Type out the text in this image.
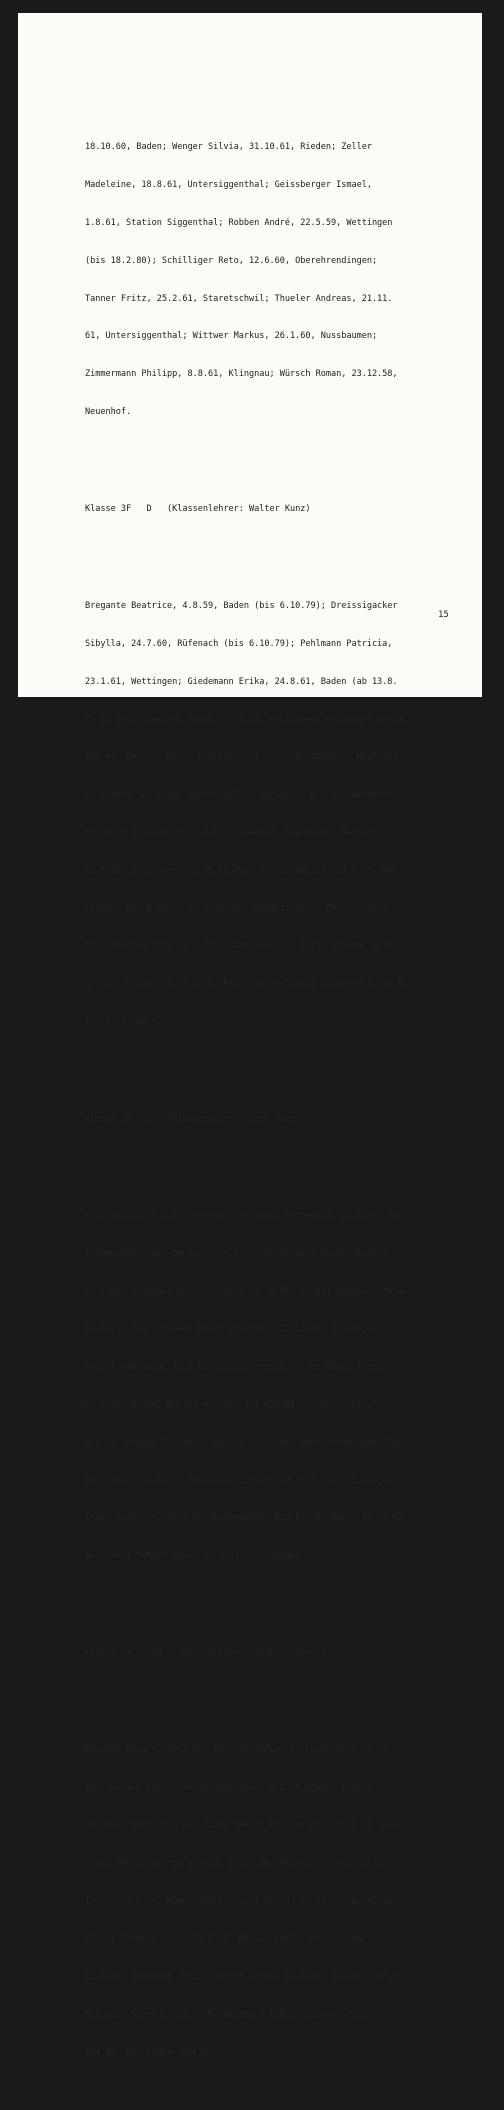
18.10.60, Baden; Wenger Silvia, 31.10.61, Rieden; Zeller

Madeleine, 18.8.61, Untersiggenthal; Geissberger Ismael,

1.8.61, Station Siggenthal; Robben André, 22.5.59, Wettingen

(bis 18.2.80); Schilliger Reto, 12.6.60, Oberehrendingen;

Tanner Fritz, 25.2.61, Staretschwil; Thueler Andreas, 21.11.

61, Untersiggenthal; Wittwer Markus, 26.1.60, Nussbaumen;

Zimmermann Philipp, 8.8.61, Klingnau; Würsch Roman, 23.12.58,

Neuenhof.

Klasse 3F   D   (Klassenlehrer: Walter Kunz)

Bregante Beatrice, 4.8.59, Baden (bis 6.10.79); Dreissigacker

Sibylla, 24.7.60, Rüfenach (bis 6.10.79); Pehlmann Patricia,

23.1.61, Wettingen; Giedemann Erika, 24.8.61, Baden (ab 13.8.

79 in USA); Herendi Helen, 22.7.59, Wettingen; Hottinger Sonja,

2.1.61, Umiken; Kloss Svetlana, 24.3.61, Nussbaumen; Maifredi-

ni Serena, 23.8.60, Baden; Müller Mariatte, 8.7.61, Neuenhof;

Scherrer Bernadette, 3.4.61, Neuenhof; Stancheris Marina,

21.3.60, Döttingen (ab 29.10.79); de Min Daniel, 12.6.60, Wet-

tingen; Georg Balz, 13.2.59, Nussbaumen; Ryssl Daniel, 24.7.

59, Dietikon (bis 13.8.79); Senn André, 8.6.61, Rieden; Spie-

gelberg Christian, 4.3.60, Riniken; Vaglietti Alessandro, 29.5.

61, Fislisbach.

Klasse 3G   D   (Klassenlehrer: Karl Huber)

Bach Astrid, 8.5.62, Umiken; Balzarini Simonetta, 22.8.60, Wet-

tingen; Beltrame Daniela, 29.9.60, Wettingen; Bucher Ingrid,

23.7.60, Lengnau; Busatta Maria, 2.10.59, Turgi; Deppeler Maja,

17.9.61, Tegerfelden; Dobsa Jasminka, 25.12.60, Wettingen;

Gerstl Gabriela, 19.6.61, Untersiggenthal; von Känel Irène,

13.6.61, Brugg; Kuster Ariane, 2.1.61, Birr; Maurer Sibyl,

3.8.61, Brugg; Novakovic Marina, 29.7.60, Oberehrendingen; Sar-

ker Anita, 10.8.61, Mägenwil; Spuler Lydia, 7.7.61, Endingen;

Stark Brigitte, 27.2.60, Ennetbaden; Stöckli Barbara, 19.11.61,

Birrhard; Suhner Gabi, 31.1.61, Killwangen.

Klasse 4a   PSG   (Klassenlehrer: Robert Merki)

Baschek Renate, 10.2.60, Zurzach (HPL); Dittus Esther, 8.11.

60, Zurzach (HPL); Gremminger Eva, 10.2.60, Baden (HPL);

Ineichen Susi, 2.4.60, Baden (HPL); Riniker Evi, 17.6.59, Win-

disch (HPL); Spirgi Ursula, 14.11.59, Windisch (HPL); Stork

Irina, 21.5.60, Mumpf (HPL); Suter Anita, 13.11.60, Wettingen

(HPL); *Brogli Rolf, 11.8.60, Möhlin (HPL); Kessler Martin,

13.9.59, Windisch (HPL); Obrist Erich, 14.9.60, Döttwil (HPL);

Schnyder Stephan, 10.9.59, Windisch (HPL); Wichser Peter,

2.4.59, Wettingen (HPL).

15
